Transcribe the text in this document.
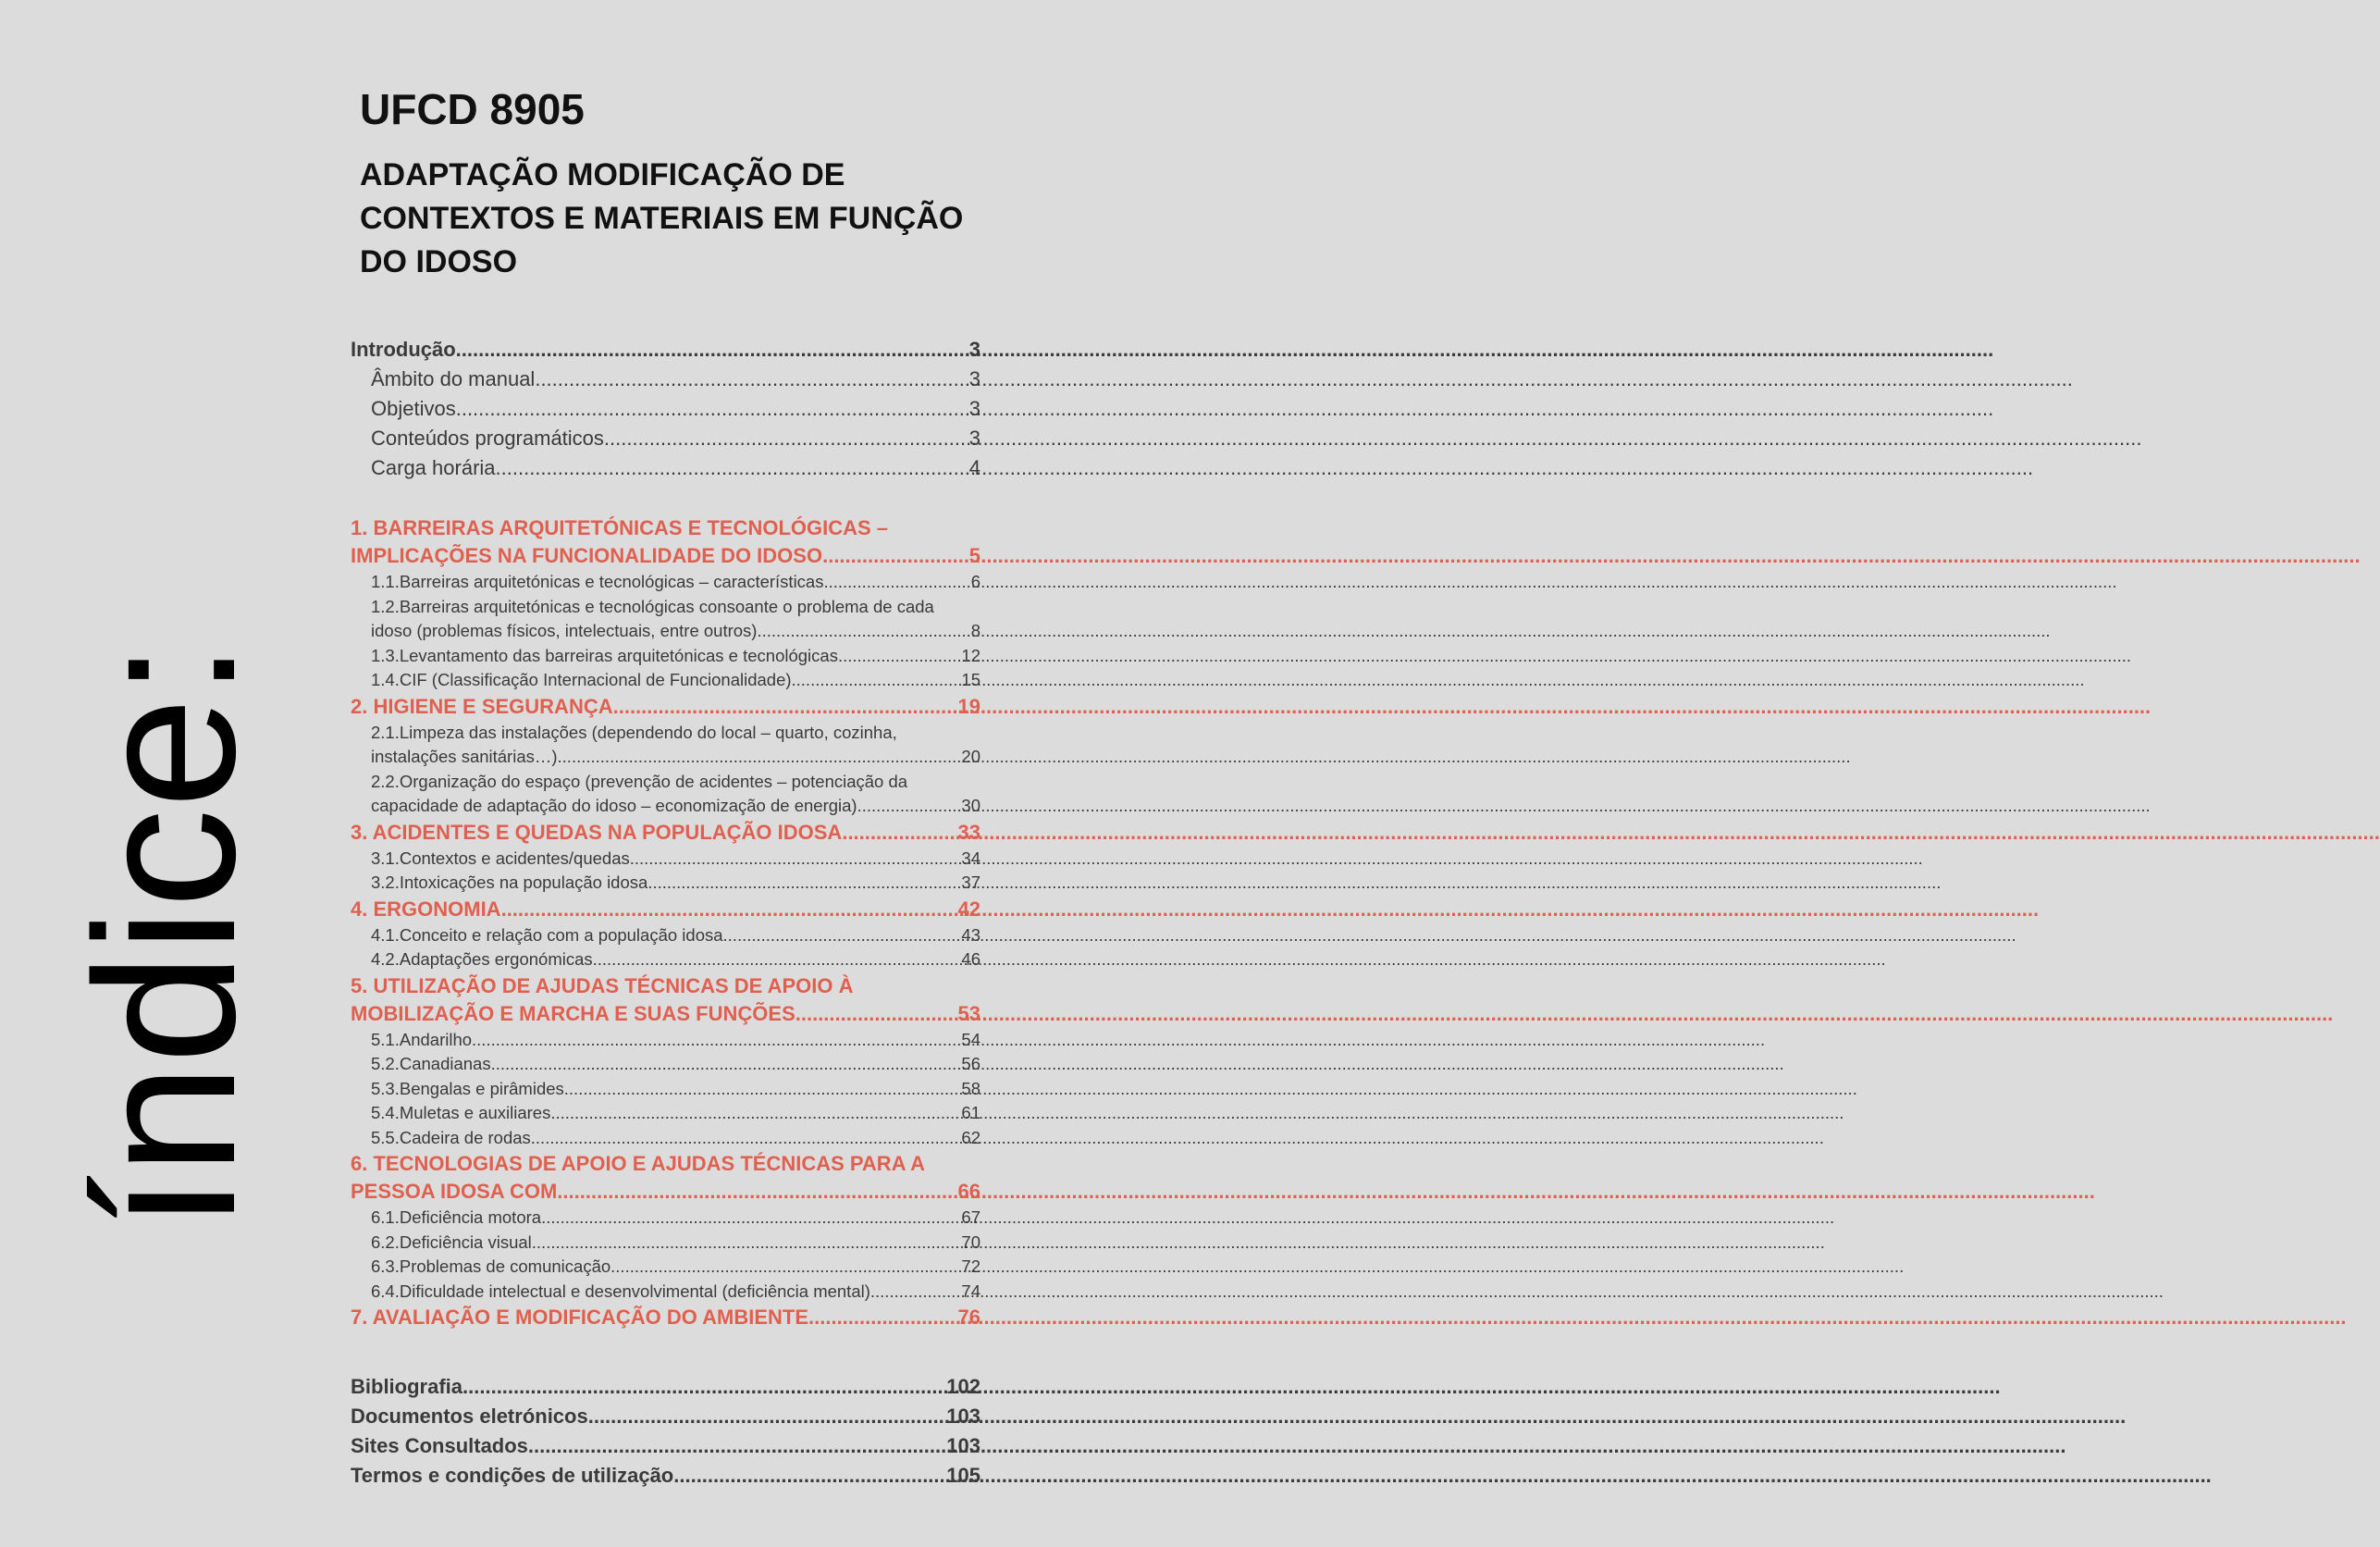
índice:
UFCD 8905
ADAPTAÇÃO MODIFICAÇÃO DE
CONTEXTOS E MATERIAIS EM FUNÇÃO
DO IDOSO
Introdução .....	3
Âmbito do manual .....	3
Objetivos .....	3
Conteúdos programáticos .....	3
Carga horária .....	4
1. BARREIRAS ARQUITETÓNICAS E TECNOLÓGICAS –
IMPLICAÇÕES NA FUNCIONALIDADE DO IDOSO .....	5
1.1.Barreiras arquitetónicas e tecnológicas – características .....	6
1.2.Barreiras arquitetónicas e tecnológicas consoante o problema de cada
idoso (problemas físicos, intelectuais, entre outros) .....	8
1.3.Levantamento das barreiras arquitetónicas e tecnológicas .....	12
1.4.CIF (Classificação Internacional de Funcionalidade) .....	15
2. HIGIENE E SEGURANÇA .....	19
2.1.Limpeza das instalações (dependendo do local – quarto, cozinha,
instalações sanitárias…) .....	20
2.2.Organização do espaço (prevenção de acidentes – potenciação da
capacidade de adaptação do idoso – economização de energia) .....	30
3. ACIDENTES E QUEDAS NA POPULAÇÃO IDOSA .....	33
3.1.Contextos e acidentes/quedas .....	34
3.2.Intoxicações na população idosa .....	37
4. ERGONOMIA .....	42
4.1.Conceito e relação com a população idosa .....	43
4.2.Adaptações ergonómicas .....	46
5. UTILIZAÇÃO DE AJUDAS TÉCNICAS DE APOIO À
MOBILIZAÇÃO E MARCHA E SUAS FUNÇÕES .....	53
5.1.Andarilho .....	54
5.2.Canadianas .....	56
5.3.Bengalas e pirâmides .....	58
5.4.Muletas e auxiliares .....	61
5.5.Cadeira de rodas .....	62
6. TECNOLOGIAS DE APOIO E AJUDAS TÉCNICAS PARA A
PESSOA IDOSA COM .....	66
6.1.Deficiência motora .....	67
6.2.Deficiência visual .....	70
6.3.Problemas de comunicação .....	72
6.4.Dificuldade intelectual e desenvolvimental (deficiência mental) .....	74
7. AVALIAÇÃO E MODIFICAÇÃO DO AMBIENTE .....	76
Bibliografia .....	102
Documentos eletrónicos .....	103
Sites Consultados .....	103
Termos e condições de utilização .....	105
